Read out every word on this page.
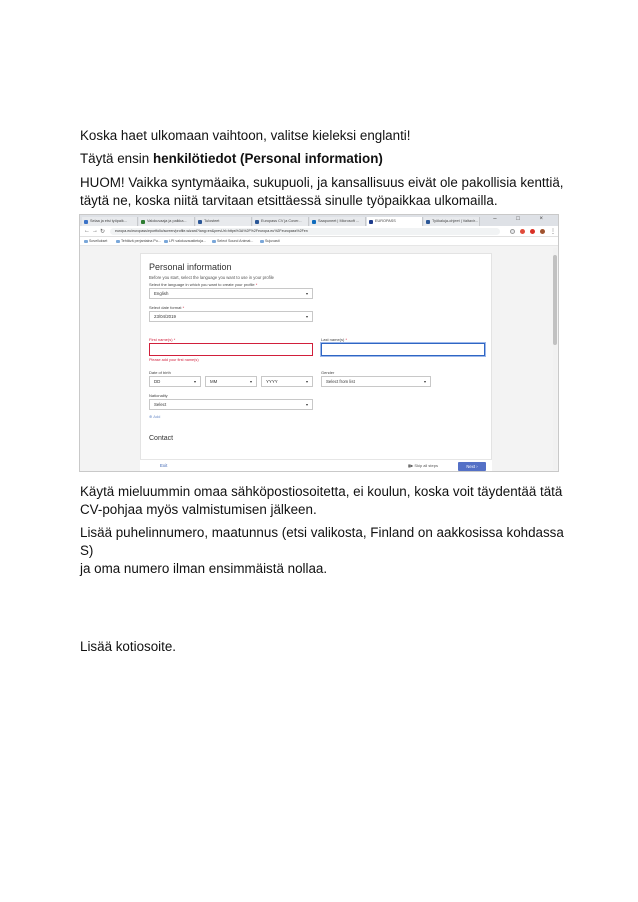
Koska haet ulkomaan vaihtoon, valitse kieleksi englanti!

Täytä ensin henkilötiedot (Personal information)

HUOM! Vaikka syntymäaika, sukupuoli, ja kansallisuus eivät ole pakollisia kenttiä,
täytä ne, koska niitä tarvitaan etsittäessä sinulle työpaikkaa ulkomailla.

Selaa ja etsi työpaik...	Valokuvaaja ja palkka...	Tulosteet	Europass CV ja Cover...	Saapuneet | Microsoft ...	EUROPASS	Työkaluja-ohjeet | Valtavir...	– □ ×
← → ↻	europa.eu/europass/eportfolio/screen/profile-wizard?lang=en&prevUrl=https%3A%2F%2Feuropa.eu%2Feuropass%2Fen	⋮
Sovellukset	Tehtävä perjantaina Pu...	LPI valokuvaustietoja...	Select Sound Animat...	Sujuvasti
Personal information
Before you start, select the language you want to use in your profile
Select the language in which you want to create your profile *
English	▾
Select date format *
23/04/2019	▾
First name(s) *
Please add your first name(s)
Last name(s) *
Date of birth
DD	▾	MM	▾	YYYY	▾
Gender
Select from list	▾
Nationality
Select	▾
⊕ Add
Contact
Exit	▮▶ Skip all steps	Next ›

Käytä mieluummin omaa sähköpostiosoitetta, ei koulun, koska voit täydentää tätä
CV-pohjaa myös valmistumisen jälkeen.

Lisää puhelinnumero, maatunnus (etsi valikosta, Finland on aakkosissa kohdassa S)
ja oma numero ilman ensimmäistä nollaa.

Lisää kotiosoite.
